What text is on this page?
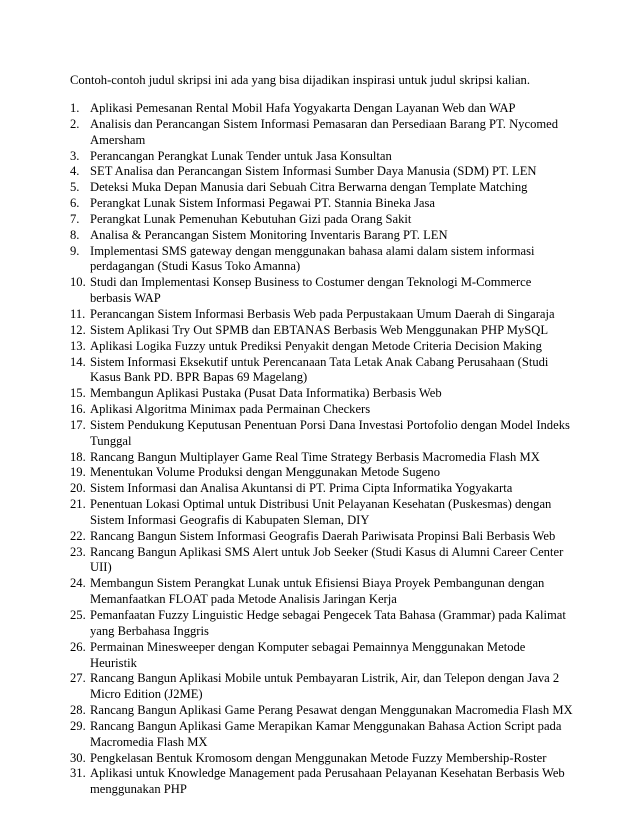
Contoh-contoh judul skripsi ini ada yang bisa dijadikan inspirasi untuk judul skripsi kalian.
1. Aplikasi Pemesanan Rental Mobil Hafa Yogyakarta Dengan Layanan Web dan WAP
2. Analisis dan Perancangan Sistem Informasi Pemasaran dan Persediaan Barang PT. Nycomed Amersham
3. Perancangan Perangkat Lunak Tender untuk Jasa Konsultan
4. SET Analisa dan Perancangan Sistem Informasi Sumber Daya Manusia (SDM) PT. LEN
5. Deteksi Muka Depan Manusia dari Sebuah Citra Berwarna dengan Template Matching
6. Perangkat Lunak Sistem Informasi Pegawai PT. Stannia Bineka Jasa
7. Perangkat Lunak Pemenuhan Kebutuhan Gizi pada Orang Sakit
8. Analisa & Perancangan Sistem Monitoring Inventaris Barang PT. LEN
9. Implementasi SMS gateway dengan menggunakan bahasa alami dalam sistem informasi perdagangan (Studi Kasus Toko Amanna)
10. Studi dan Implementasi Konsep Business to Costumer dengan Teknologi M-Commerce berbasis WAP
11. Perancangan Sistem Informasi Berbasis Web pada Perpustakaan Umum Daerah di Singaraja
12. Sistem Aplikasi Try Out SPMB dan EBTANAS Berbasis Web Menggunakan PHP MySQL
13. Aplikasi Logika Fuzzy untuk Prediksi Penyakit dengan Metode Criteria Decision Making
14. Sistem Informasi Eksekutif untuk Perencanaan Tata Letak Anak Cabang Perusahaan (Studi Kasus Bank PD. BPR Bapas 69 Magelang)
15. Membangun Aplikasi Pustaka (Pusat Data Informatika) Berbasis Web
16. Aplikasi Algoritma Minimax pada Permainan Checkers
17. Sistem Pendukung Keputusan Penentuan Porsi Dana Investasi Portofolio dengan Model Indeks Tunggal
18. Rancang Bangun Multiplayer Game Real Time Strategy Berbasis Macromedia Flash MX
19. Menentukan Volume Produksi dengan Menggunakan Metode Sugeno
20. Sistem Informasi dan Analisa Akuntansi di PT. Prima Cipta Informatika Yogyakarta
21. Penentuan Lokasi Optimal untuk Distribusi Unit Pelayanan Kesehatan (Puskesmas) dengan Sistem Informasi Geografis di Kabupaten Sleman, DIY
22. Rancang Bangun Sistem Informasi Geografis Daerah Pariwisata Propinsi Bali Berbasis Web
23. Rancang Bangun Aplikasi SMS Alert untuk Job Seeker (Studi Kasus di Alumni Career Center UII)
24. Membangun Sistem Perangkat Lunak untuk Efisiensi Biaya Proyek Pembangunan dengan Memanfaatkan FLOAT pada Metode Analisis Jaringan Kerja
25. Pemanfaatan Fuzzy Linguistic Hedge sebagai Pengecek Tata Bahasa (Grammar) pada Kalimat yang Berbahasa Inggris
26. Permainan Minesweeper dengan Komputer sebagai Pemainnya Menggunakan Metode Heuristik
27. Rancang Bangun Aplikasi Mobile untuk Pembayaran Listrik, Air, dan Telepon dengan Java 2 Micro Edition (J2ME)
28. Rancang Bangun Aplikasi Game Perang Pesawat dengan Menggunakan Macromedia Flash MX
29. Rancang Bangun Aplikasi Game Merapikan Kamar Menggunakan Bahasa Action Script pada Macromedia Flash MX
30. Pengkelasan Bentuk Kromosom dengan Menggunakan Metode Fuzzy Membership-Roster
31. Aplikasi untuk Knowledge Management pada Perusahaan Pelayanan Kesehatan Berbasis Web menggunakan PHP
